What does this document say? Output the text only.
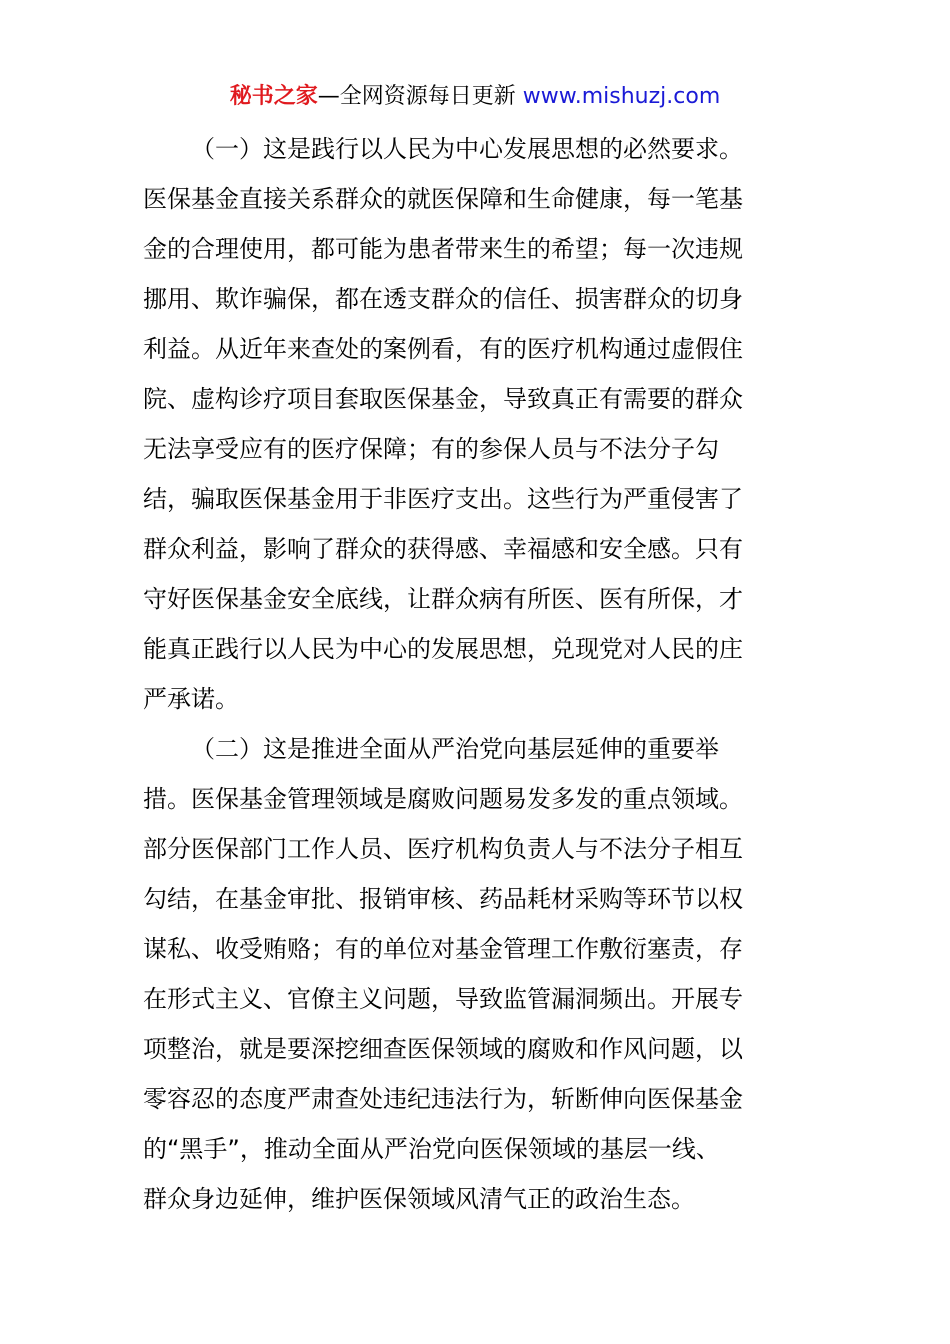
秘书之家—全网资源每日更新 www.mishuzj.com

（一）这是践行以人民为中心发展思想的必然要求。
医保基金直接关系群众的就医保障和生命健康，每一笔基
金的合理使用，都可能为患者带来生的希望；每一次违规
挪用、欺诈骗保，都在透支群众的信任、损害群众的切身
利益。从近年来查处的案例看，有的医疗机构通过虚假住
院、虚构诊疗项目套取医保基金，导致真正有需要的群众
无法享受应有的医疗保障；有的参保人员与不法分子勾
结，骗取医保基金用于非医疗支出。这些行为严重侵害了
群众利益，影响了群众的获得感、幸福感和安全感。只有
守好医保基金安全底线，让群众病有所医、医有所保，才
能真正践行以人民为中心的发展思想，兑现党对人民的庄
严承诺。

（二）这是推进全面从严治党向基层延伸的重要举
措。医保基金管理领域是腐败问题易发多发的重点领域。
部分医保部门工作人员、医疗机构负责人与不法分子相互
勾结，在基金审批、报销审核、药品耗材采购等环节以权
谋私、收受贿赂；有的单位对基金管理工作敷衍塞责，存
在形式主义、官僚主义问题，导致监管漏洞频出。开展专
项整治，就是要深挖细查医保领域的腐败和作风问题，以
零容忍的态度严肃查处违纪违法行为，斩断伸向医保基金
的“黑手”，推动全面从严治党向医保领域的基层一线、
群众身边延伸，维护医保领域风清气正的政治生态。
